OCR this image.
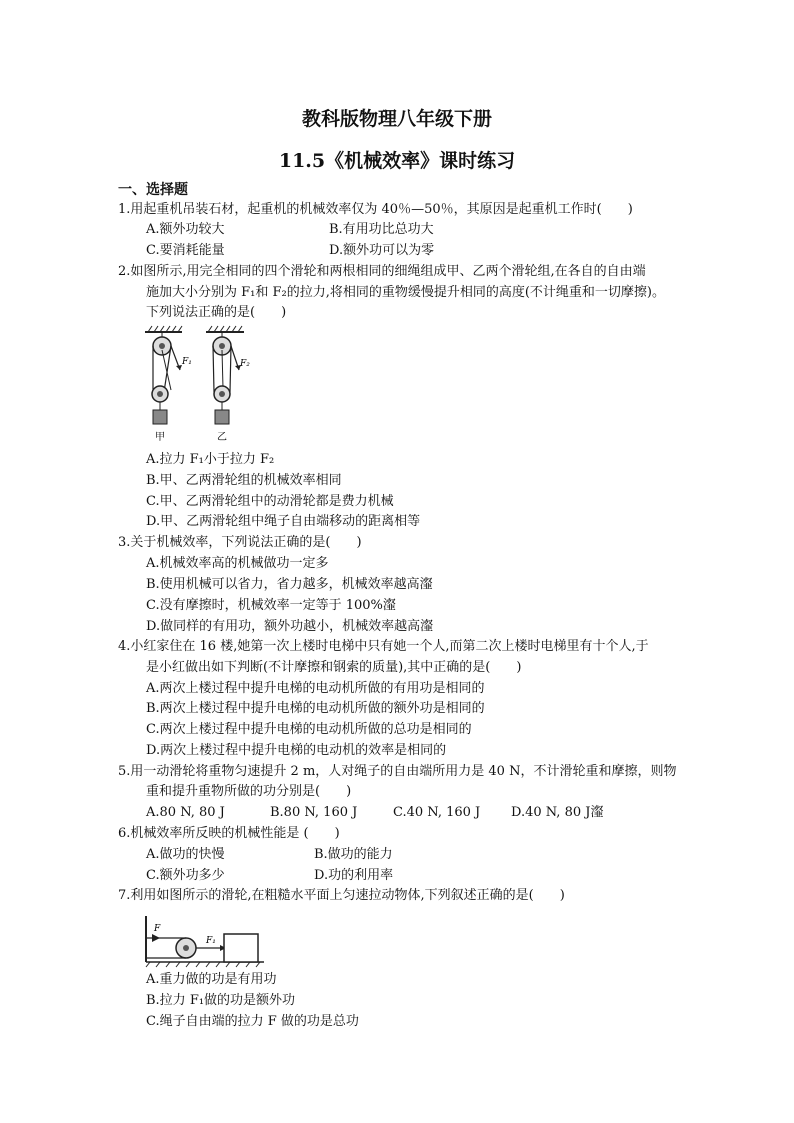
教科版物理八年级下册
11.5《机械效率》课时练习
一、选择题
1.用起重机吊装石材，起重机的机械效率仅为 40％—50％，其原因是起重机工作时(　　)
A.额外功较大	B.有用功比总功大
C.要消耗能量	D.额外功可以为零
2.如图所示,用完全相同的四个滑轮和两根相同的细绳组成甲、乙两个滑轮组,在各自的自由端
施加大小分别为 F₁和 F₂的拉力,将相同的重物缓慢提升相同的高度(不计绳重和一切摩擦)。
下列说法正确的是(　　)
F₁
甲
F₂
乙
A.拉力 F₁小于拉力 F₂
B.甲、乙两滑轮组的机械效率相同
C.甲、乙两滑轮组中的动滑轮都是费力机械
D.甲、乙两滑轮组中绳子自由端移动的距离相等
3.关于机械效率，下列说法正确的是(　　)
A.机械效率高的机械做功一定多
B.使用机械可以省力，省力越多，机械效率越高瀣
C.没有摩擦时，机械效率一定等于 100%瀣
D.做同样的有用功，额外功越小，机械效率越高瀣
4.小红家住在 16 楼,她第一次上楼时电梯中只有她一个人,而第二次上楼时电梯里有十个人,于
是小红做出如下判断(不计摩擦和钢索的质量),其中正确的是(　　)
A.两次上楼过程中提升电梯的电动机所做的有用功是相同的
B.两次上楼过程中提升电梯的电动机所做的额外功是相同的
C.两次上楼过程中提升电梯的电动机所做的总功是相同的
D.两次上楼过程中提升电梯的电动机的效率是相同的
5.用一动滑轮将重物匀速提升 2 m，人对绳子的自由端所用力是 40 N，不计滑轮重和摩擦，则物
重和提升重物所做的功分别是(　　)
A.80 N, 80 J	B.80 N, 160 J	C.40 N, 160 J D.40 N, 80 J瀣
6.机械效率所反映的机械性能是 (　　)
A.做功的快慢	B.做功的能力
C.额外功多少	D.功的利用率
7.利用如图所示的滑轮,在粗糙水平面上匀速拉动物体,下列叙述正确的是(　　)
F
F₁
A.重力做的功是有用功
B.拉力 F₁做的功是额外功
C.绳子自由端的拉力 F 做的功是总功
